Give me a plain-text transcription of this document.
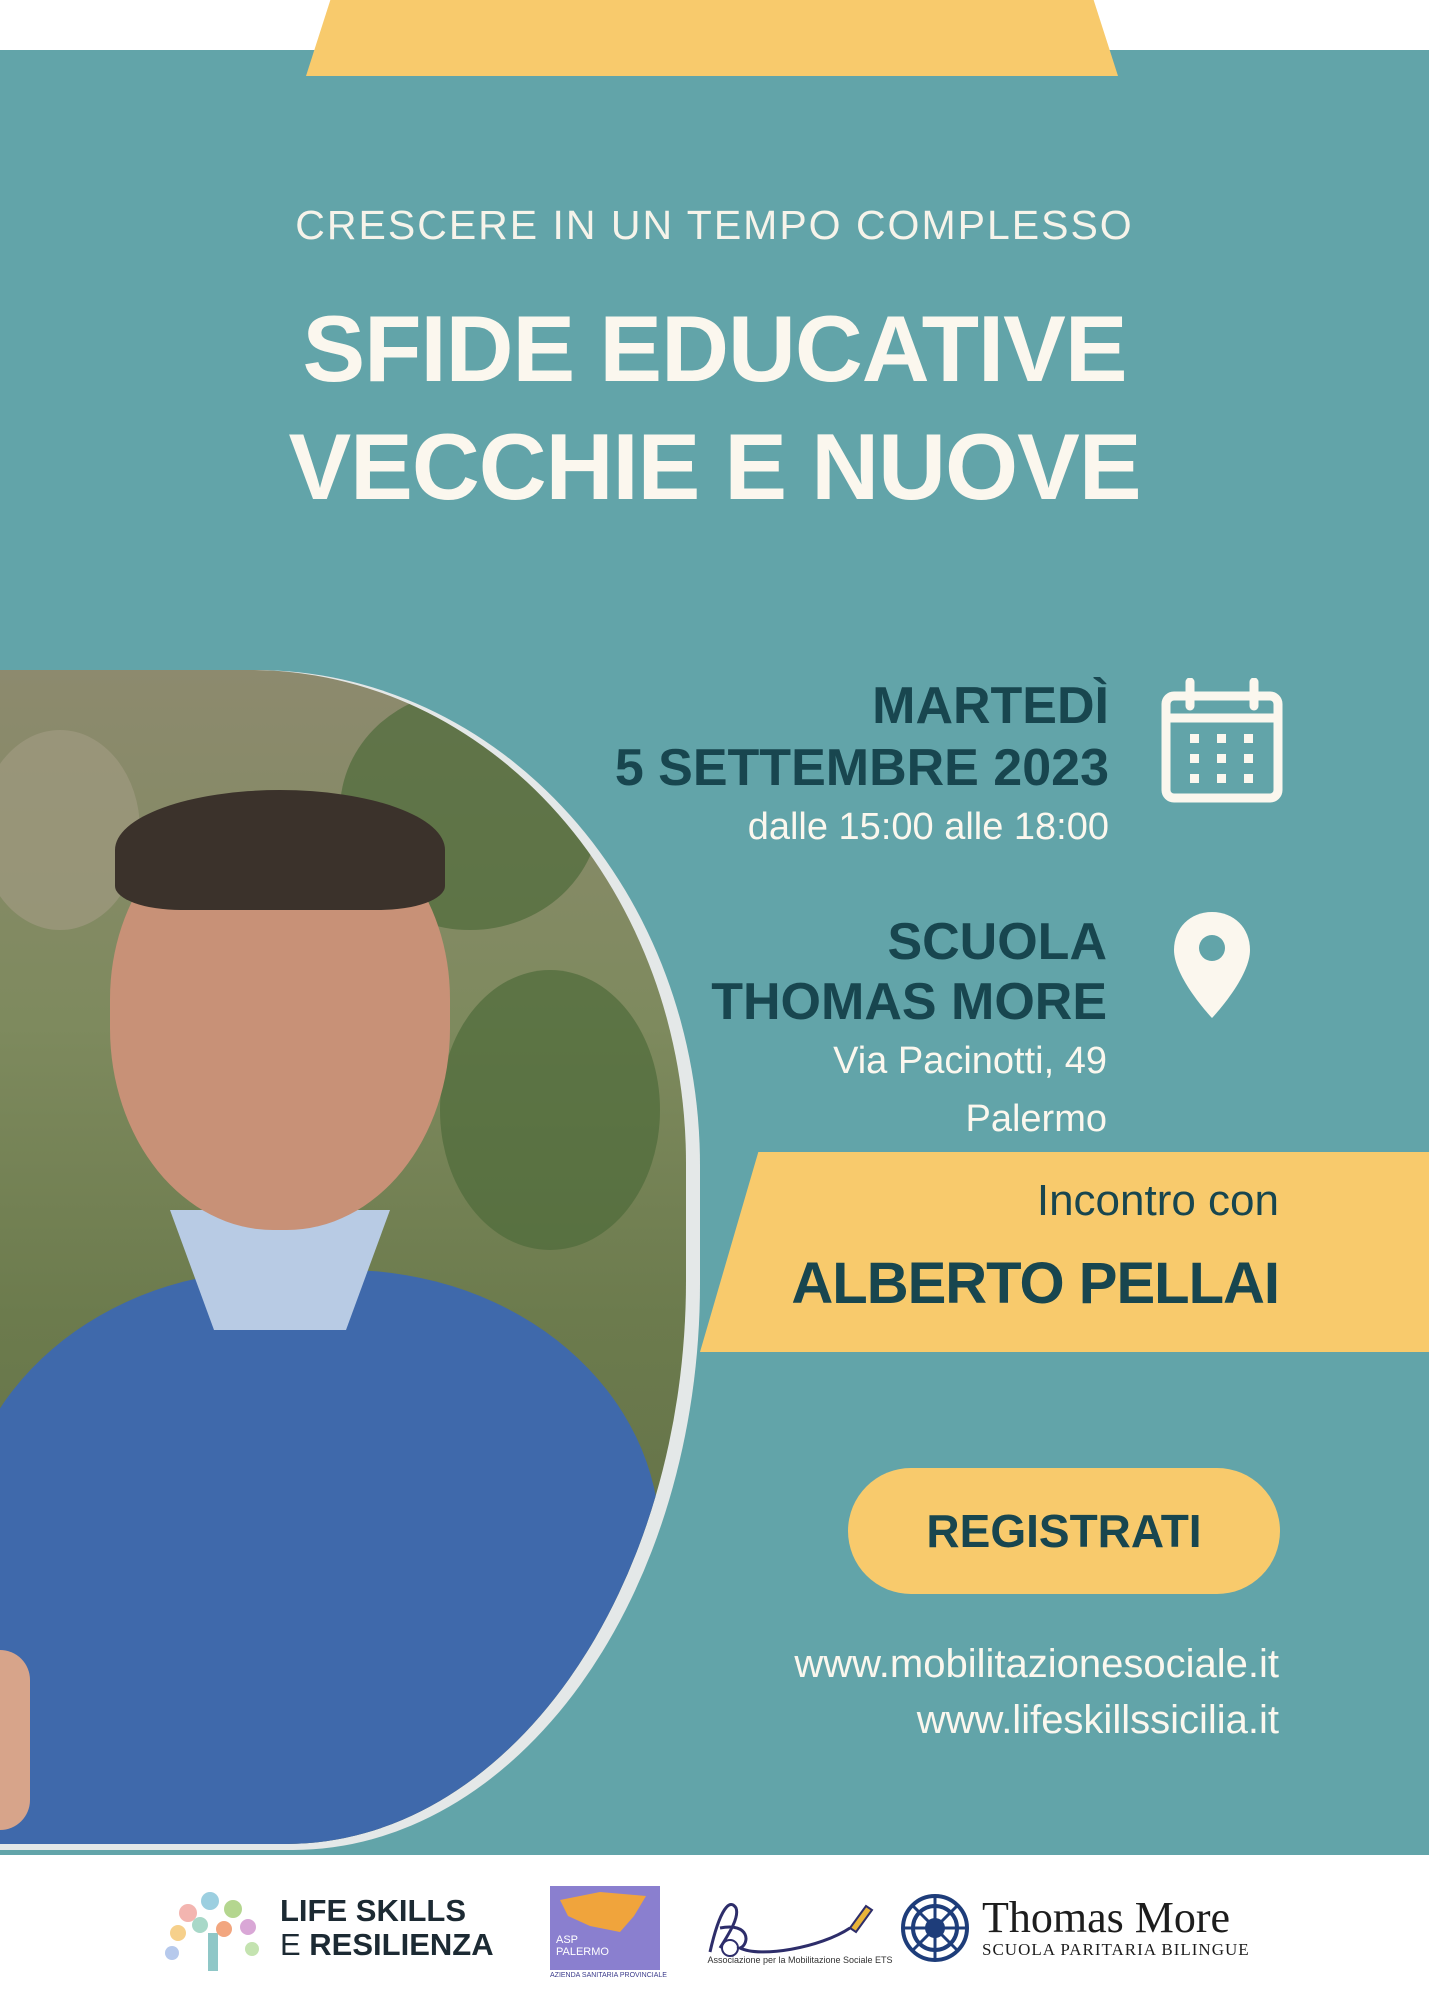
CRESCERE IN UN TEMPO COMPLESSO
SFIDE EDUCATIVE
VECCHIE E NUOVE
MARTEDÌ
5 SETTEMBRE 2023
dalle 15:00 alle 18:00
SCUOLA
THOMAS MORE
Via Pacinotti, 49
Palermo
Incontro con
ALBERTO PELLAI
REGISTRATI
www.mobilitazionesociale.it
www.lifeskillssicilia.it
LIFE SKILLS
E RESILIENZA	ASP
PALERMO
AZIENDA SANITARIA PROVINCIALE
Associazione per la Mobilitazione Sociale ETS
Thomas More
SCUOLA PARITARIA BILINGUE
